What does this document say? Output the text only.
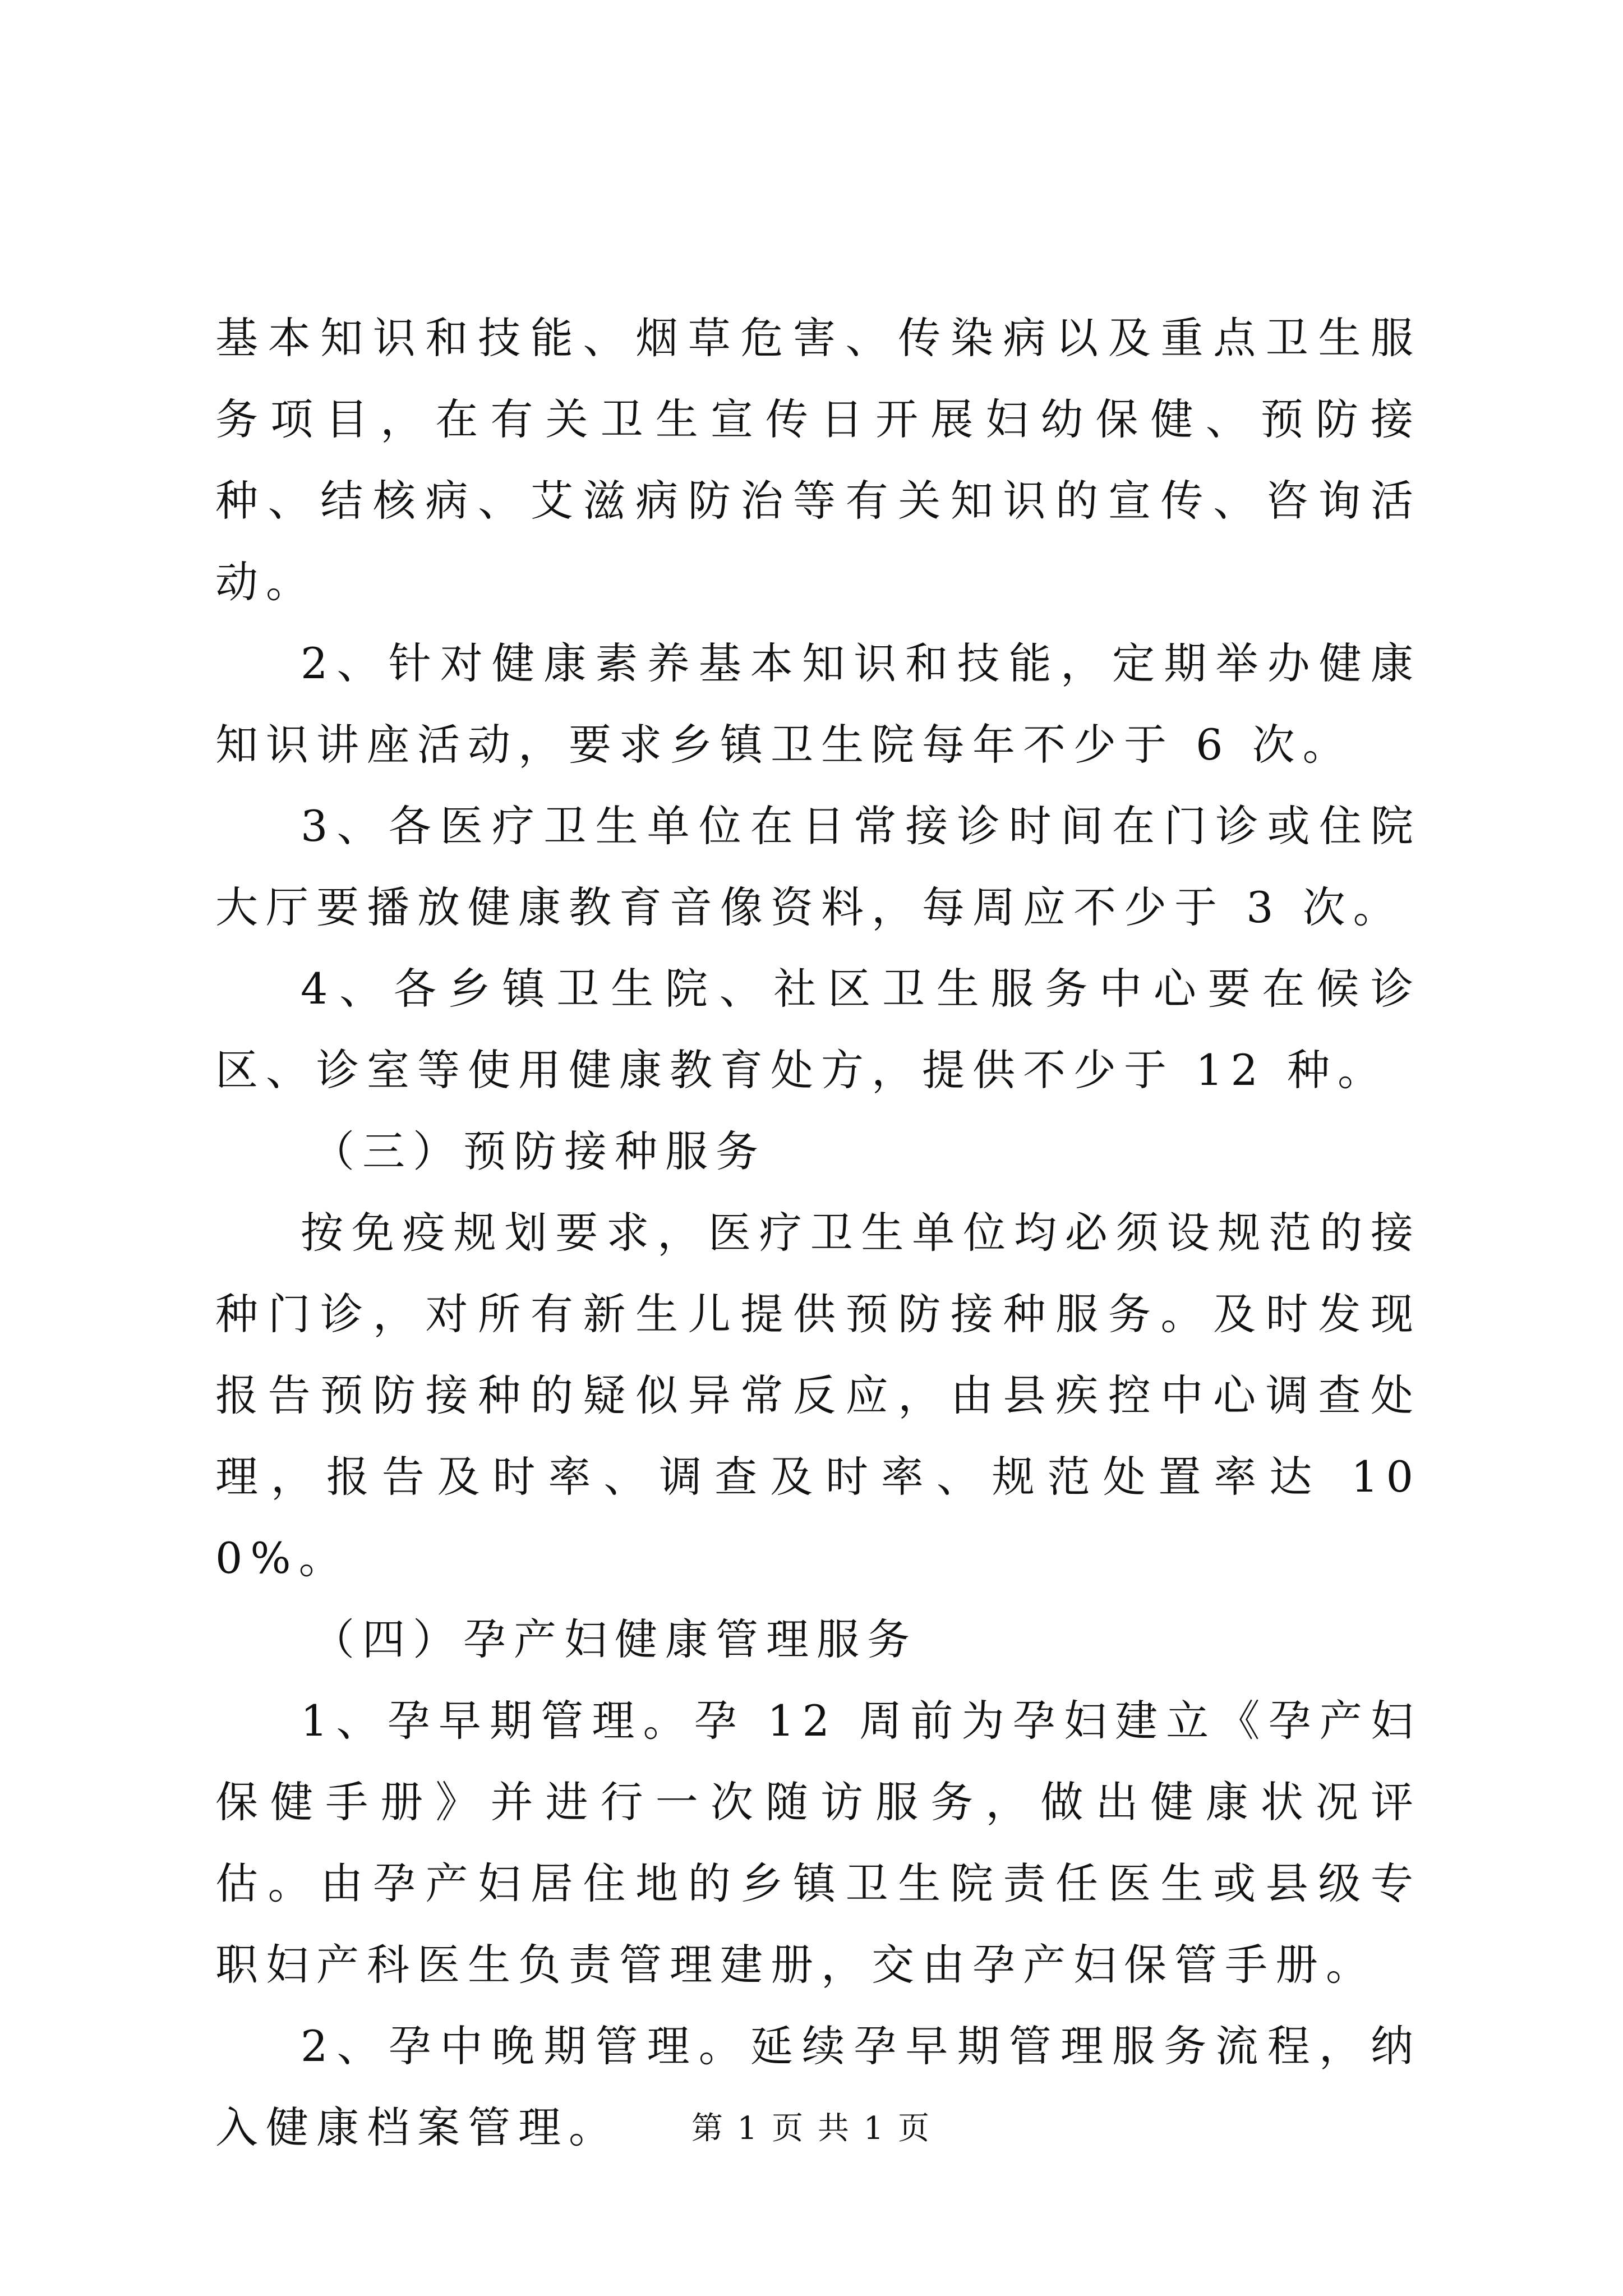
基本知识和技能、烟草危害、传染病以及重点卫生服务项目，在有关卫生宣传日开展妇幼保健、预防接种、结核病、艾滋病防治等有关知识的宣传、咨询活动。

2、针对健康素养基本知识和技能，定期举办健康知识讲座活动，要求乡镇卫生院每年不少于 6 次。

3、各医疗卫生单位在日常接诊时间在门诊或住院大厅要播放健康教育音像资料，每周应不少于 3 次。

4、各乡镇卫生院、社区卫生服务中心要在候诊区、诊室等使用健康教育处方，提供不少于 12 种。

（三）预防接种服务

按免疫规划要求，医疗卫生单位均必须设规范的接种门诊，对所有新生儿提供预防接种服务。及时发现报告预防接种的疑似异常反应，由县疾控中心调查处理，报告及时率、调查及时率、规范处置率达 100%。

（四）孕产妇健康管理服务

1、孕早期管理。孕 12 周前为孕妇建立《孕产妇保健手册》并进行一次随访服务，做出健康状况评估。由孕产妇居住地的乡镇卫生院责任医生或县级专职妇产科医生负责管理建册，交由孕产妇保管手册。

2、孕中晚期管理。延续孕早期管理服务流程，纳入健康档案管理。	第 1 页 共 1 页
